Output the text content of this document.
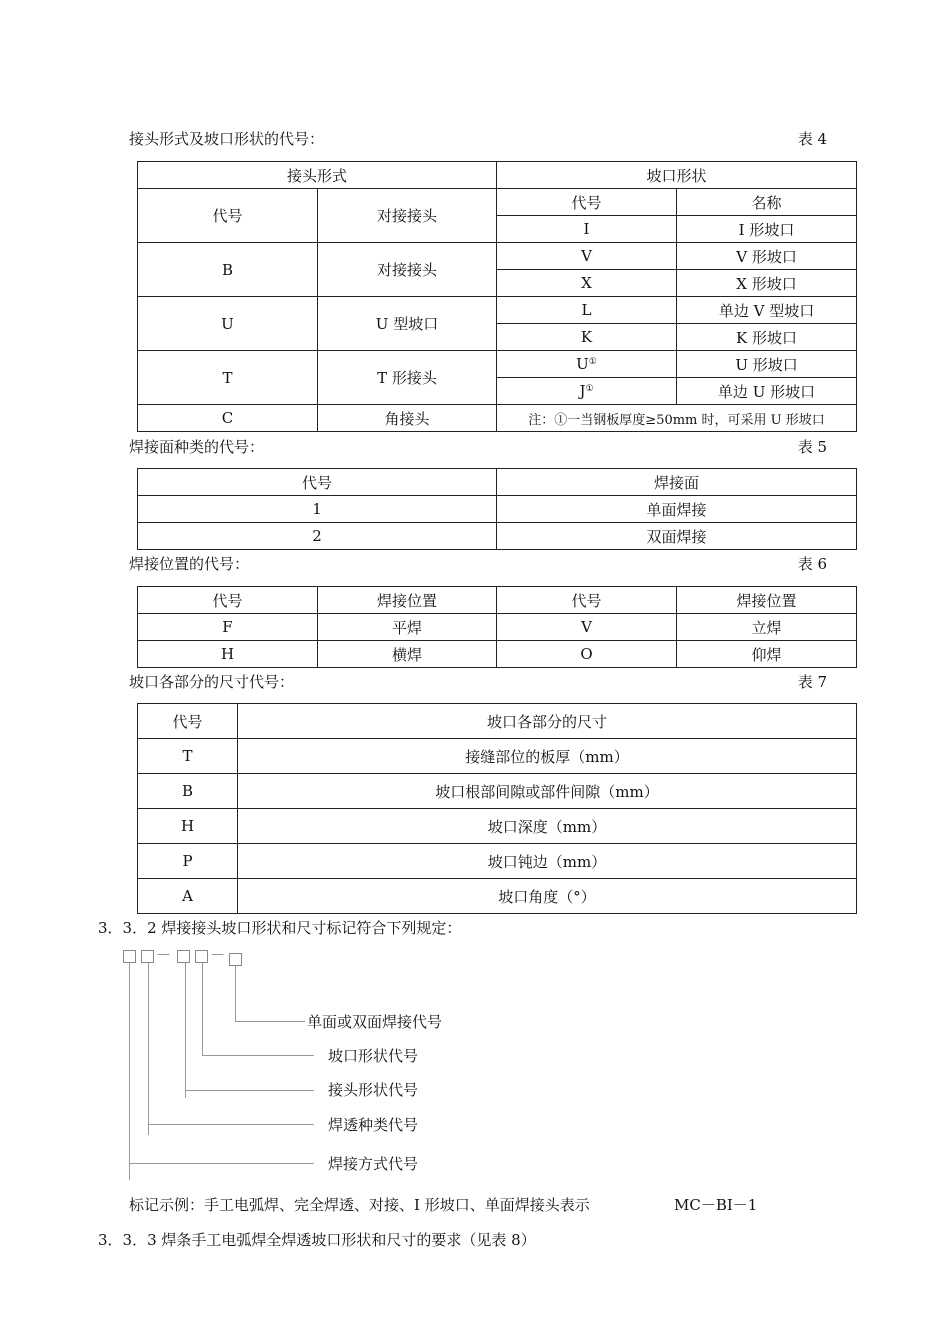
接头形式及坡口形状的代号：	表 4
接头形式		坡口形状	
代号	对接接头	代号	名称
		I	I 形坡口
B	对接接头	V	V 形坡口
		X	X 形坡口
U	U 型坡口	L	单边 V 型坡口
		K	K 形坡口
T	T 形接头	U①	U 形坡口
		J①	单边 U 形坡口
C	角接头	注：①一当钢板厚度≥50mm 时，可采用 U 形坡口	
焊接面种类的代号：	表 5
代号	焊接面
1	单面焊接
2	双面焊接
焊接位置的代号：	表 6
代号	焊接位置	代号	焊接位置
F	平焊	V	立焊
H	横焊	O	仰焊
坡口各部分的尺寸代号：	表 7
代号	坡口各部分的尺寸
T	接缝部位的板厚（mm）
B	坡口根部间隙或部件间隙（mm）
H	坡口深度（mm）
P	坡口钝边（mm）
A	坡口角度（°）
3．3．2 焊接接头坡口形状和尺寸标记符合下列规定：
—	—
单面或双面焊接代号
坡口形状代号
接头形状代号
焊透种类代号
焊接方式代号
标记示例：手工电弧焊、完全焊透、对接、I 形坡口、单面焊接头表示	MC－BI－1
3．3．3 焊条手工电弧焊全焊透坡口形状和尺寸的要求（见表 8）
